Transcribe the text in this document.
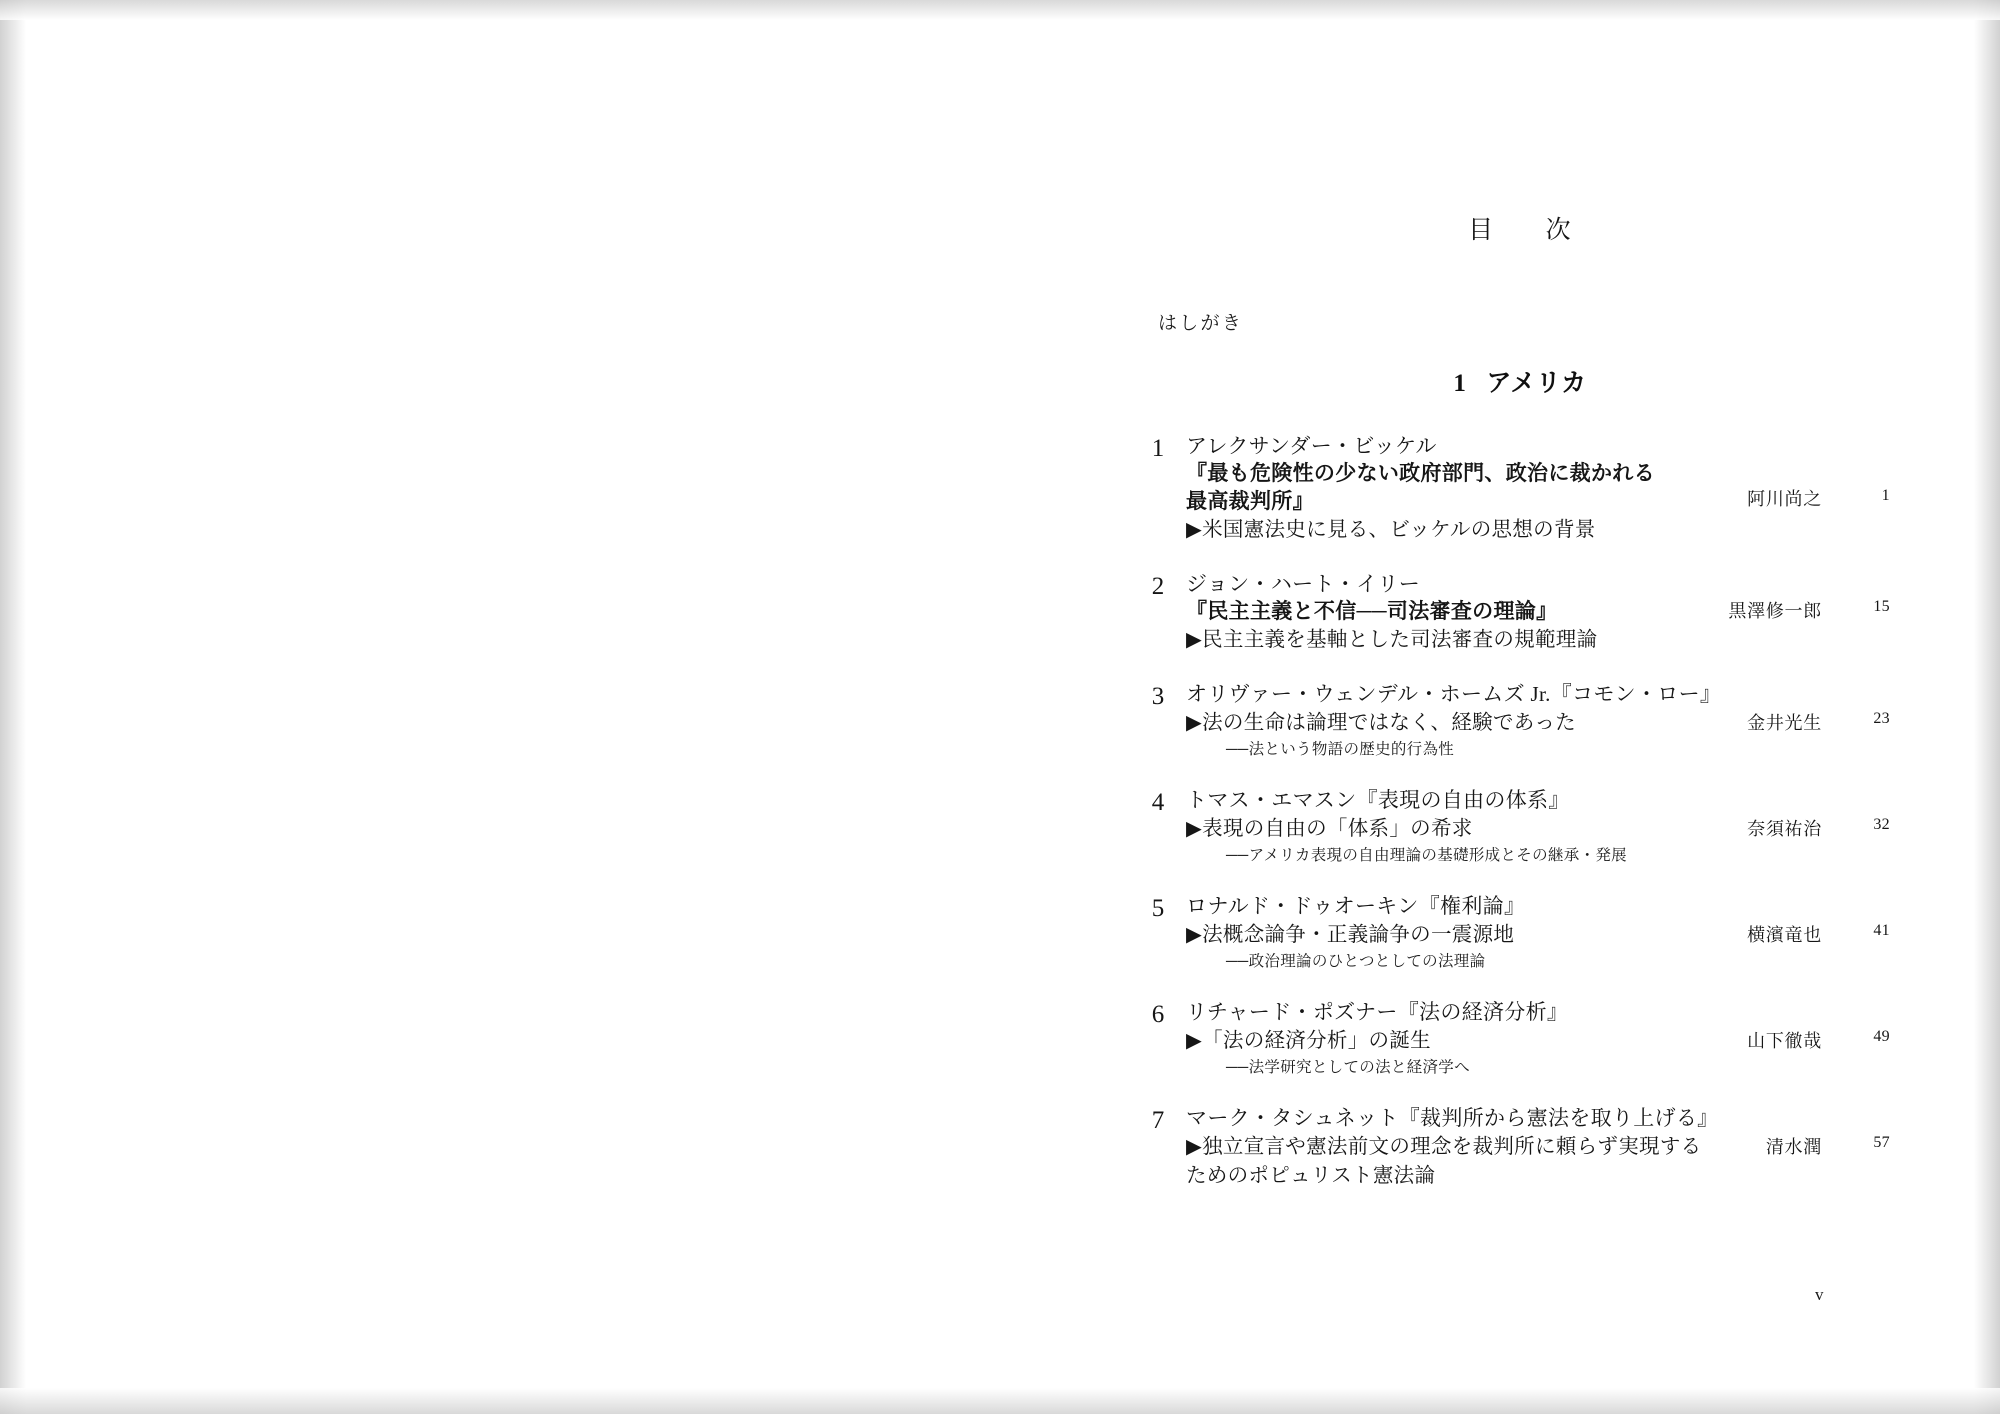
目　次
はしがき
1 アメリカ
1	アレクサンダー・ビッケル
『最も危険性の少ない政府部門、政治に裁かれる
最高裁判所』
▶米国憲法史に見る、ビッケルの思想の背景
阿川尚之	1
2	ジョン・ハート・イリー
『民主主義と不信──司法審査の理論』
▶民主主義を基軸とした司法審査の規範理論
黒澤修一郎	15
3	オリヴァー・ウェンデル・ホームズ Jr.『コモン・ロー』
▶法の生命は論理ではなく、経験であった
──法という物語の歴史的行為性
金井光生	23
4	トマス・エマスン『表現の自由の体系』
▶表現の自由の「体系」の希求
──アメリカ表現の自由理論の基礎形成とその継承・発展
奈須祐治	32
5	ロナルド・ドゥオーキン『権利論』
▶法概念論争・正義論争の一震源地
──政治理論のひとつとしての法理論
横濱竜也	41
6	リチャード・ポズナー『法の経済分析』
▶「法の経済分析」の誕生
──法学研究としての法と経済学へ
山下徹哉	49
7	マーク・タシュネット『裁判所から憲法を取り上げる』
▶独立宣言や憲法前文の理念を裁判所に頼らず実現する
ためのポピュリスト憲法論
清水潤	57
v
